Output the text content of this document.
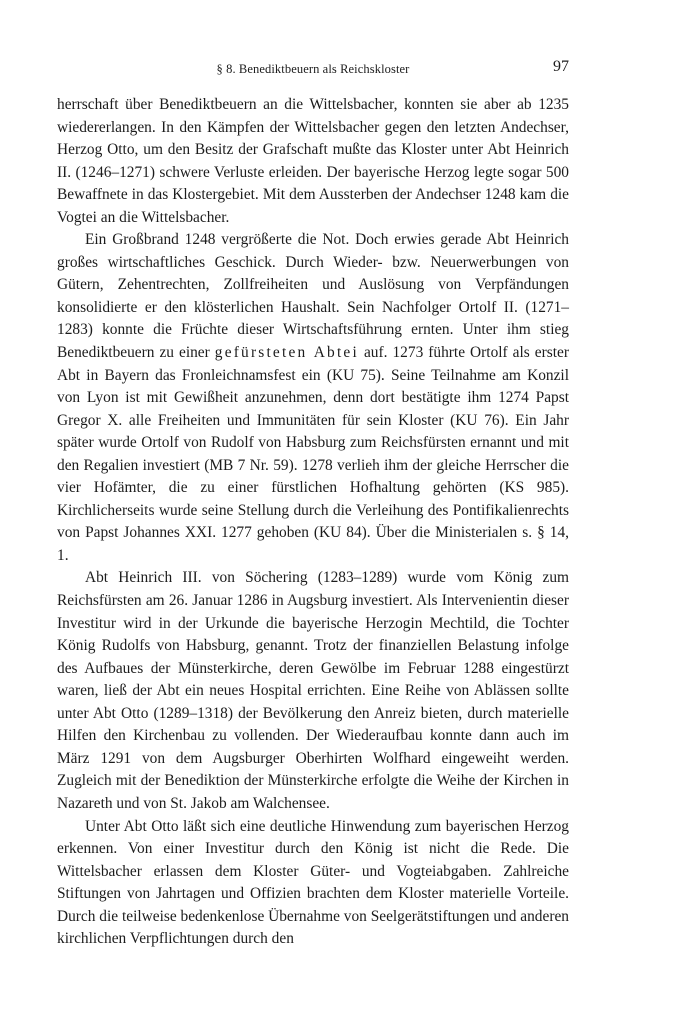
§ 8. Benediktbeuern als Reichskloster	97

herrschaft über Benediktbeuern an die Wittelsbacher, konnten sie aber ab 1235 wiedererlangen. In den Kämpfen der Wittelsbacher gegen den letzten Andechser, Herzog Otto, um den Besitz der Grafschaft mußte das Kloster unter Abt Heinrich II. (1246–1271) schwere Verluste erleiden. Der bayerische Herzog legte sogar 500 Bewaffnete in das Klostergebiet. Mit dem Aussterben der Andechser 1248 kam die Vogtei an die Wittelsbacher.

Ein Großbrand 1248 vergrößerte die Not. Doch erwies gerade Abt Heinrich großes wirtschaftliches Geschick. Durch Wieder- bzw. Neuerwerbungen von Gütern, Zehentrechten, Zollfreiheiten und Auslösung von Verpfändungen konsolidierte er den klösterlichen Haushalt. Sein Nachfolger Ortolf II. (1271–1283) konnte die Früchte dieser Wirtschaftsführung ernten. Unter ihm stieg Benediktbeuern zu einer gefürsteten Abtei auf. 1273 führte Ortolf als erster Abt in Bayern das Fronleichnamsfest ein (KU 75). Seine Teilnahme am Konzil von Lyon ist mit Gewißheit anzunehmen, denn dort bestätigte ihm 1274 Papst Gregor X. alle Freiheiten und Immunitäten für sein Kloster (KU 76). Ein Jahr später wurde Ortolf von Rudolf von Habsburg zum Reichsfürsten ernannt und mit den Regalien investiert (MB 7 Nr. 59). 1278 verlieh ihm der gleiche Herrscher die vier Hofämter, die zu einer fürstlichen Hofhaltung gehörten (KS 985). Kirchlicherseits wurde seine Stellung durch die Verleihung des Pontifikalienrechts von Papst Johannes XXI. 1277 gehoben (KU 84). Über die Ministerialen s. § 14, 1.

Abt Heinrich III. von Söchering (1283–1289) wurde vom König zum Reichsfürsten am 26. Januar 1286 in Augsburg investiert. Als Intervenientin dieser Investitur wird in der Urkunde die bayerische Herzogin Mechtild, die Tochter König Rudolfs von Habsburg, genannt. Trotz der finanziellen Belastung infolge des Aufbaues der Münsterkirche, deren Gewölbe im Februar 1288 eingestürzt waren, ließ der Abt ein neues Hospital errichten. Eine Reihe von Ablässen sollte unter Abt Otto (1289–1318) der Bevölkerung den Anreiz bieten, durch materielle Hilfen den Kirchenbau zu vollenden. Der Wiederaufbau konnte dann auch im März 1291 von dem Augsburger Oberhirten Wolfhard eingeweiht werden. Zugleich mit der Benediktion der Münsterkirche erfolgte die Weihe der Kirchen in Nazareth und von St. Jakob am Walchensee.

Unter Abt Otto läßt sich eine deutliche Hinwendung zum bayerischen Herzog erkennen. Von einer Investitur durch den König ist nicht die Rede. Die Wittelsbacher erlassen dem Kloster Güter- und Vogteiabgaben. Zahlreiche Stiftungen von Jahrtagen und Offizien brachten dem Kloster materielle Vorteile. Durch die teilweise bedenkenlose Übernahme von Seelgerätstiftungen und anderen kirchlichen Verpflichtungen durch den
